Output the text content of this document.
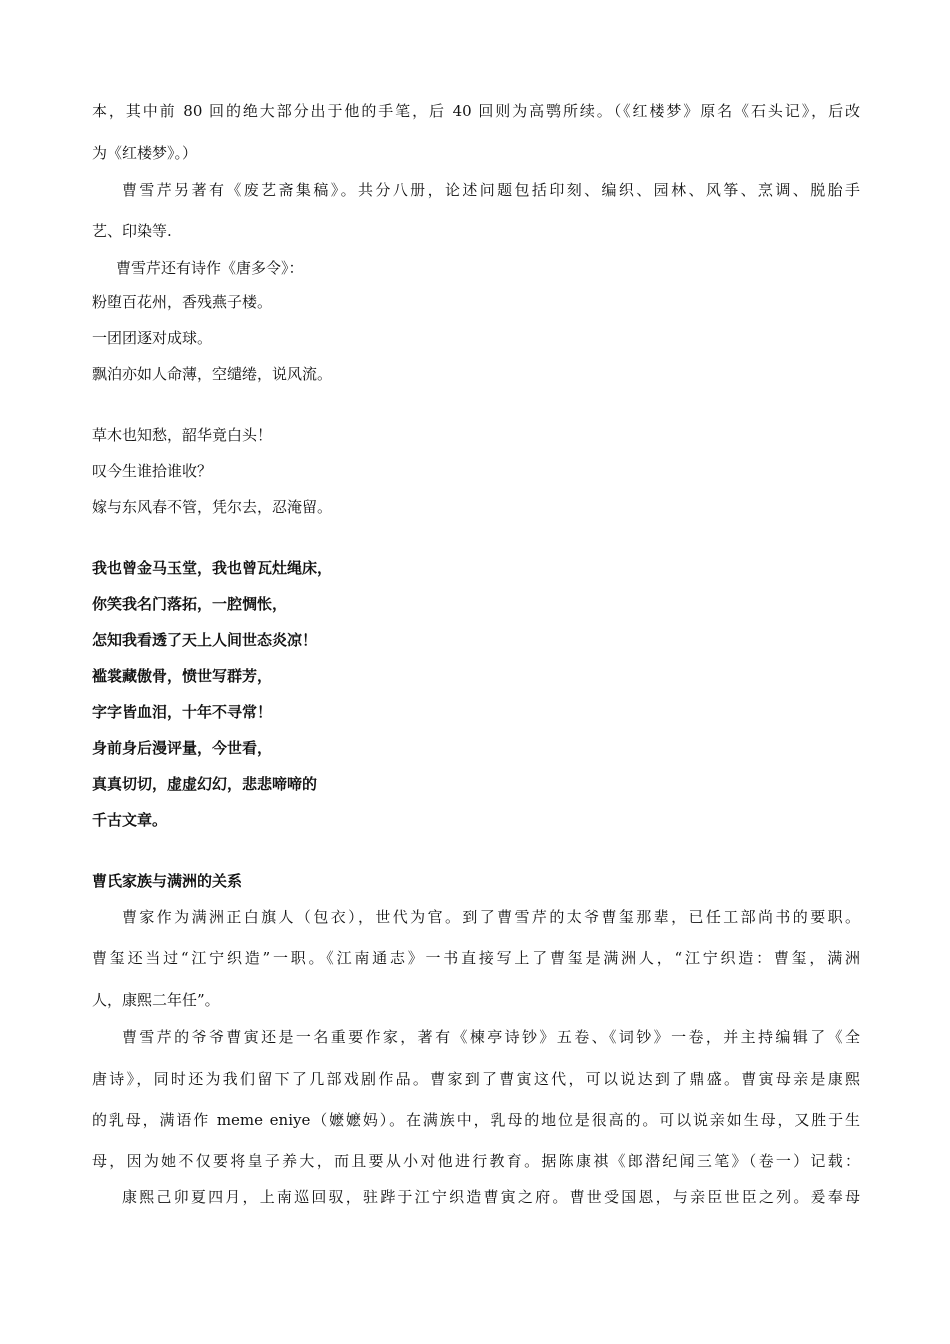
本，其中前 80 回的绝大部分出于他的手笔，后 40 回则为高鹗所续。（《红楼梦》原名《石头记》，后改
为《红楼梦》。）
曹雪芹另著有《废艺斋集稿》。共分八册，论述问题包括印刻、编织、园林、风筝、烹调、脱胎手
艺、印染等.
曹雪芹还有诗作《唐多令》：
粉堕百花州，香残燕子楼。
一团团逐对成球。
飘泊亦如人命薄，空缱绻，说风流。
草木也知愁，韶华竟白头！
叹今生谁拾谁收？
嫁与东风春不管，凭尔去，忍淹留。
我也曾金马玉堂，我也曾瓦灶绳床，
你笑我名门落拓，一腔惆怅，
怎知我看透了天上人间世态炎凉！
褴裳藏傲骨，愤世写群芳，
字字皆血泪，十年不寻常！
身前身后漫评量，今世看，
真真切切，虚虚幻幻，悲悲啼啼的
千古文章。
曹氏家族与满洲的关系
曹家作为满洲正白旗人（包衣），世代为官。到了曹雪芹的太爷曹玺那辈，已任工部尚书的要职。
曹玺还当过“江宁织造”一职。《江南通志》一书直接写上了曹玺是满洲人，“江宁织造：曹玺，满洲
人，康熙二年任”。
曹雪芹的爷爷曹寅还是一名重要作家，著有《楝亭诗钞》五卷、《词钞》一卷，并主持编辑了《全
唐诗》，同时还为我们留下了几部戏剧作品。曹家到了曹寅这代，可以说达到了鼎盛。曹寅母亲是康熙
的乳母，满语作 meme eniye（嬷嬷妈）。在满族中，乳母的地位是很高的。可以说亲如生母，又胜于生
母，因为她不仅要将皇子养大，而且要从小对他进行教育。据陈康祺《郎潜纪闻三笔》（卷一）记载：
康熙己卯夏四月，上南巡回驭，驻跸于江宁织造曹寅之府。曹世受国恩，与亲臣世臣之列。爰奉母
